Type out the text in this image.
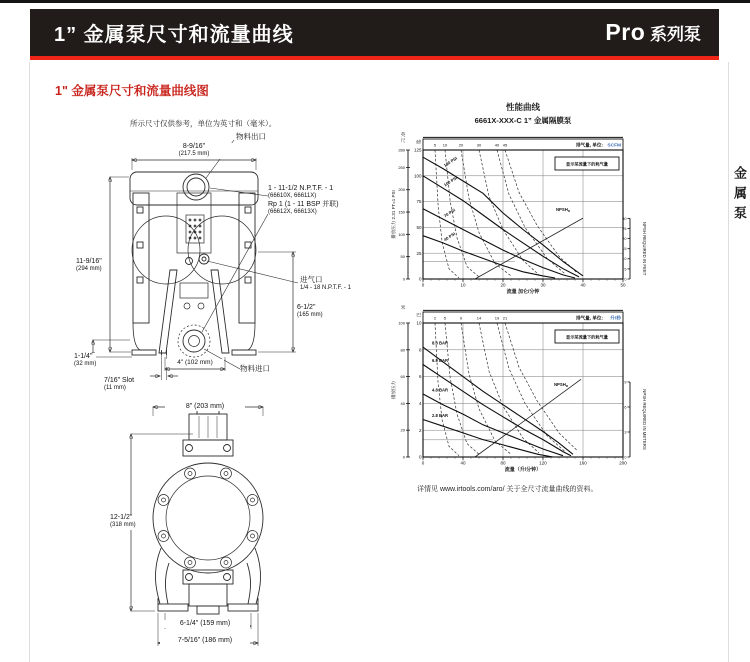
1” 金属泵尺寸和流量曲线	Pro 系列泵
金属泵
1" 金属泵尺寸和流量曲线图
所示尺寸仅供参考，单位为英寸和（毫米）。
物料出口
8-9/16"
(217.5 mm)
1 - 11-1/2 N.P.T.F. - 1
(66610X, 66611X)
Rp 1 (1 - 11 BSP 并联)
(66612X, 66613X)
11-9/16"
(294 mm)
进气口
1/4 - 18 N.P.T.F. - 1
6-1/2"
(165 mm)
物料进口
4" (102 mm)
1-1/4"
(32 mm)
7/16" Slot
(11 mm)
8" (203 mm)
12-1/2"
(318 mm)
6-1/4" (159 mm)
7-5/16" (186 mm)
性能曲线
6661X-XXX-C 1” 金属隔膜泵
5 10	20	30	40 45	排气量, 单位: SCFM
$NPSH_R$
120 PSI
100 PSI
70 PSI
40 PSI
显示某流量下的耗气量
0	10	20	30	40	50
流量 加仑/分钟
125
100
75
50
25
0
磅
289
250
200
150
100
50
0
英
尺
排放压力 2.31 FT=1 PSI	30
25
20
15
10
5
0
NPSH REQUIRED IN FEET
2 5	9	14	19 21	排气量, 单位: 升/秒
$NPSH_R$
8.3 BAR
6.9 BAR
4.8 BAR
2.8 BAR
显示某流量下的耗气量
0	40	80	120	160	200
流量（升/分钟）
10
8
6
4
2
0
巴
100
80
60
40
20
0
米
排放压力	9
6
3
0
NPSH REQUIRED IN METERS
详情见 www.irtools.com/aro/ 关于全尺寸流量曲线的资料。
